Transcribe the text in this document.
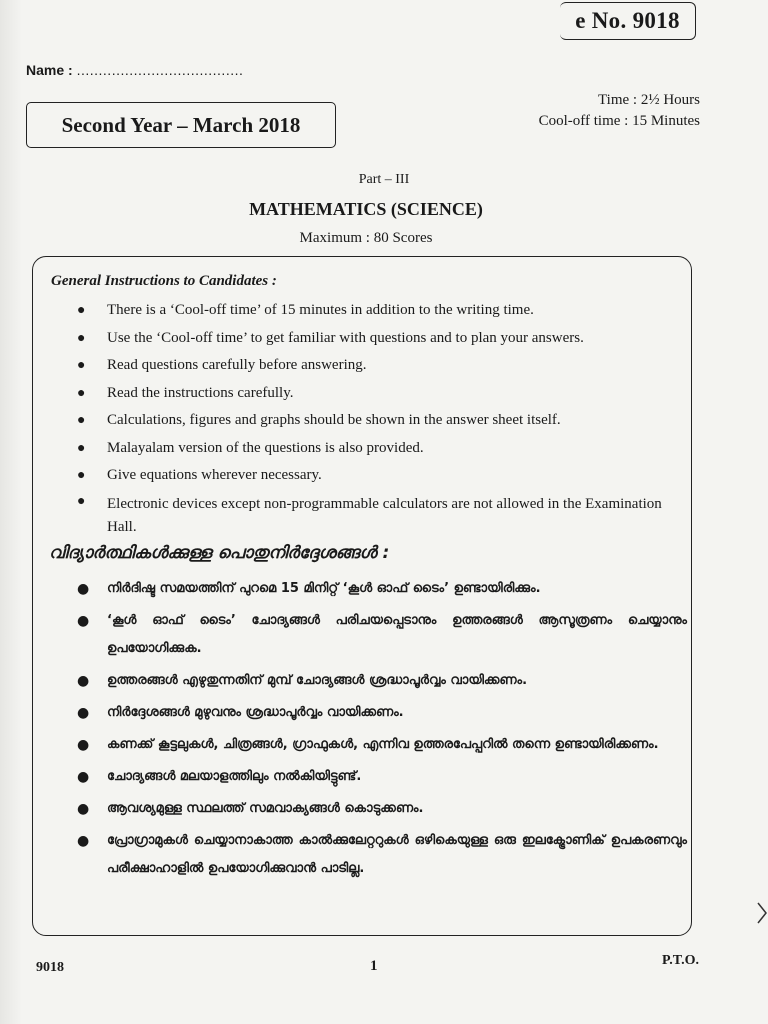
e No. 9018
Name : ......................................
Second Year – March 2018
Time : 2½ Hours
Cool-off time : 15 Minutes
Part – III
MATHEMATICS (SCIENCE)
Maximum : 80 Scores
General Instructions to Candidates :
● There is a ‘Cool-off time’ of 15 minutes in addition to the writing time.
● Use the ‘Cool-off time’ to get familiar with questions and to plan your answers.
● Read questions carefully before answering.
● Read the instructions carefully.
● Calculations, figures and graphs should be shown in the answer sheet itself.
● Malayalam version of the questions is also provided.
● Give equations wherever necessary.
● Electronic devices except non-programmable calculators are not allowed in the Examination Hall.
വിദ്യാർത്ഥികൾക്കുള്ള പൊതുനിർദ്ദേശങ്ങൾ :
● നിർദിഷ്ട സമയത്തിന് പുറമെ 15 മിനിറ്റ് ‘കൂൾ ഓഫ് ടൈം’ ഉണ്ടായിരിക്കും.
● ‘കൂൾ ഓഫ് ടൈം’ ചോദ്യങ്ങൾ പരിചയപ്പെടാനും ഉത്തരങ്ങൾ ആസൂത്രണം ചെയ്യാനും ഉപയോഗിക്കുക.
● ഉത്തരങ്ങൾ എഴുതുന്നതിന് മുമ്പ് ചോദ്യങ്ങൾ ശ്രദ്ധാപൂർവ്വം വായിക്കണം.
● നിർദ്ദേശങ്ങൾ മുഴുവനും ശ്രദ്ധാപൂർവ്വം വായിക്കണം.
● കണക്ക് കൂട്ടലുകൾ, ചിത്രങ്ങൾ, ഗ്രാഫുകൾ, എന്നിവ ഉത്തരപേപ്പറിൽ തന്നെ ഉണ്ടായിരിക്കണം.
● ചോദ്യങ്ങൾ മലയാളത്തിലും നൽകിയിട്ടുണ്ട്.
● ആവശ്യമുള്ള സ്ഥലത്ത് സമവാക്യങ്ങൾ കൊടുക്കണം.
● പ്രോഗ്രാമുകൾ ചെയ്യാനാകാത്ത കാൽക്കുലേറ്ററുകൾ ഒഴികെയുള്ള ഒരു ഇലക്ട്രോണിക് ഉപകരണവും പരീക്ഷാഹാളിൽ ഉപയോഗിക്കുവാൻ പാടില്ല.
9018	1	P.T.O.
